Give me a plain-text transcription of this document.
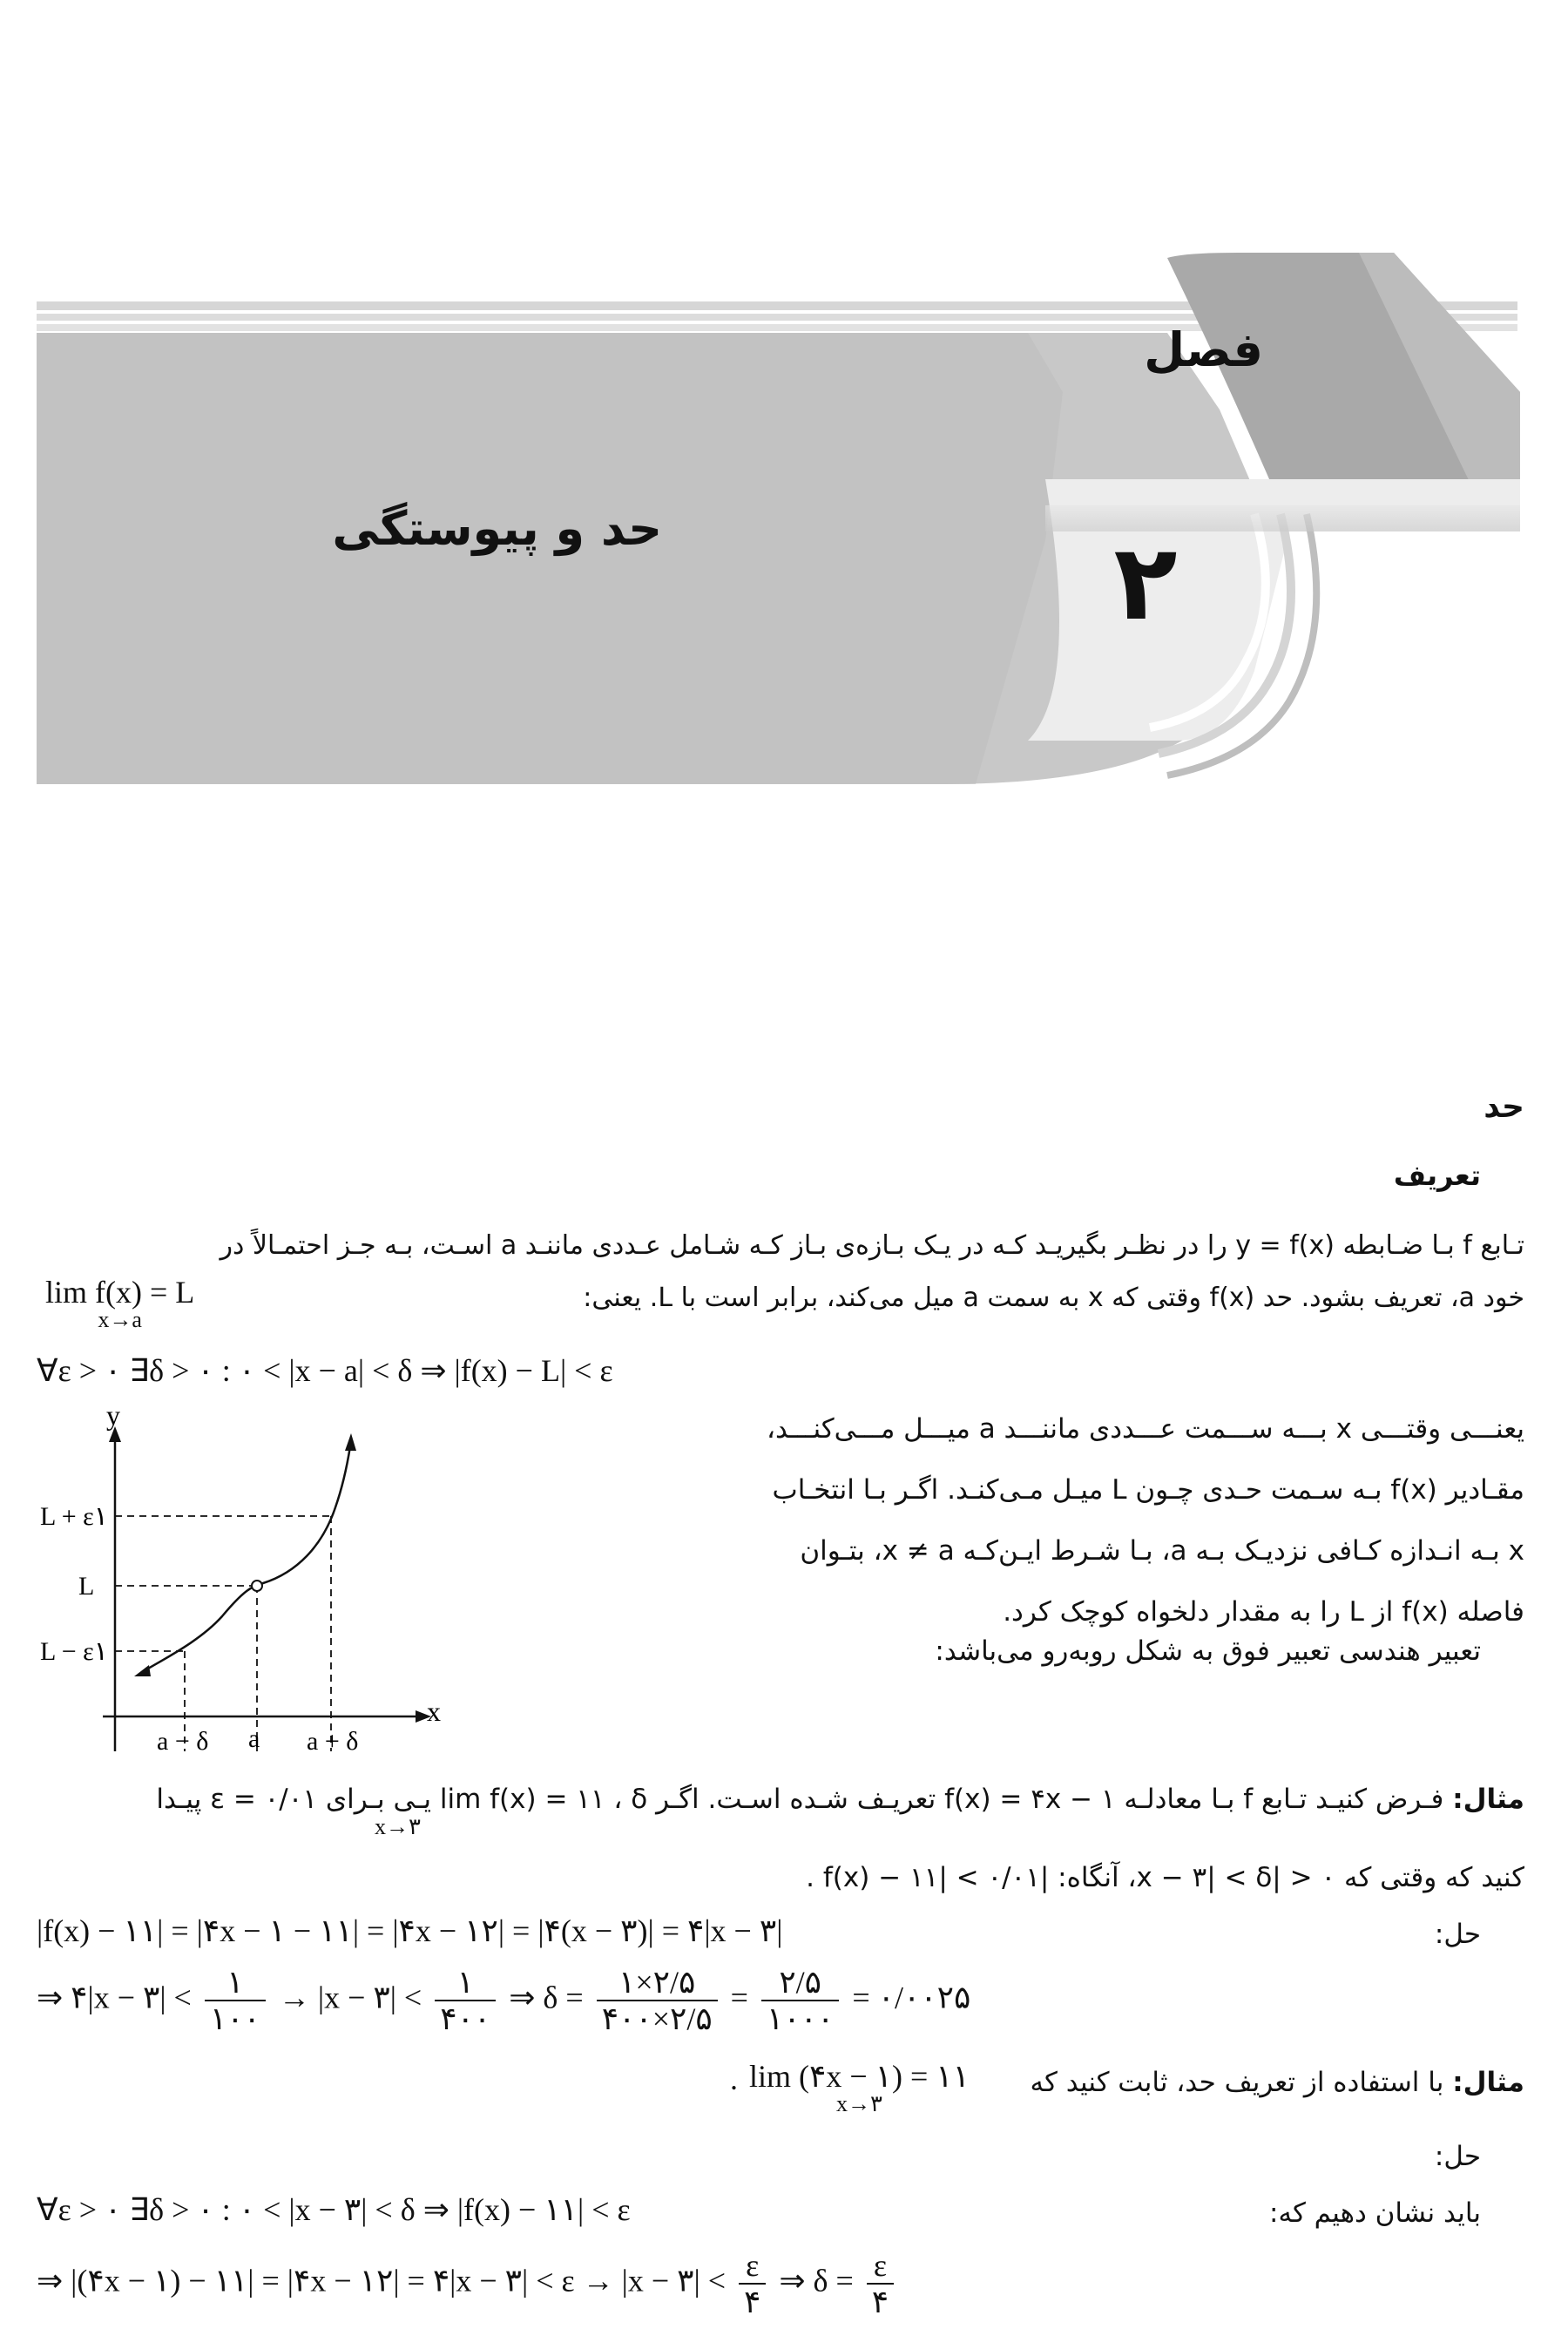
فصل
۲
حد و پیوستگی
حد
تعریف
تـابع f بـا ضـابطه y = f(x) را در نظـر بگیریـد کـه در یـک بـازه‌ی بـاز کـه شـامل عـددی ماننـد a اسـت، بـه جـز احتمـالاً در
خود a، تعریف بشود. حد f(x) وقتی که x به سمت a میل می‌کند، برابر است با L. یعنی:
lim f(x) = L
x→a
∀ε > ۰ ∃δ > ۰ : ۰ < |x − a| < δ ⇒ |f(x) − L| < ε
یعنـــی وقتـــی x بـــه ســـمت عـــددی ماننـــد a میـــل مـــی‌کنـــد،
مقـادیر f(x) بـه سـمت حـدی چـون L میـل مـی‌کنـد. اگـر بـا انتخـاب
x بـه انـدازه کـافی نزدیـک بـه a، بـا شـرط ایـن‌کـه x ≠ a، بتـوان
فاصله f(x) از L را به مقدار دلخواه کوچک کرد.
تعبیر هندسی تعبیر فوق به شکل روبه‌رو می‌باشد:
y
x
L + ε۱
L
L − ε۱
a − δ a a + δ
مثال: فـرض کنیـد تـابع f بـا معادلـه f(x) = ۴x − ۱ تعریـف شـده اسـت. اگـر lim f(x) = ۱۱ ، δ یـی بـرای ε = ۰/۰۱ پیـدا
x→۳
کنید که وقتی که ۰ < |x − ۳| < δ، آنگاه: |f(x) − ۱۱| < ۰/۰۱ .
حل:
|f(x) − ۱۱| = |۴x − ۱ − ۱۱| = |۴x − ۱۲| = |۴(x − ۳)| = ۴|x − ۳|
⇒ ۴|x − ۳| < $\frac{۱}{۱۰۰} \to |x$ − ۳| < $\frac{۱}{۴۰۰}$ ⇒ $\delta = \frac{۱\times ۲/۵}{۴۰۰\times ۲/۵} = \frac{۲/۵}{۱۰۰۰}$ = ۰/۰۰۲۵
مثال: با استفاده از تعریف حد، ثابت کنید که
lim (۴x − ۱) = ۱۱
x→۳
.
حل:
باید نشان دهیم که:
∀ε > ۰ ∃δ > ۰ : ۰ < |x − ۳| < δ ⇒ |f(x) − ۱۱| < ε
⇒ |(۴x − ۱) − ۱۱| = |۴x − ۱۲| = ۴|x − ۳| < ε → |x − ۳| < $\frac{\varepsilon}{۴}$ ⇒ $\delta = \frac{\varepsilon}{۴}$
